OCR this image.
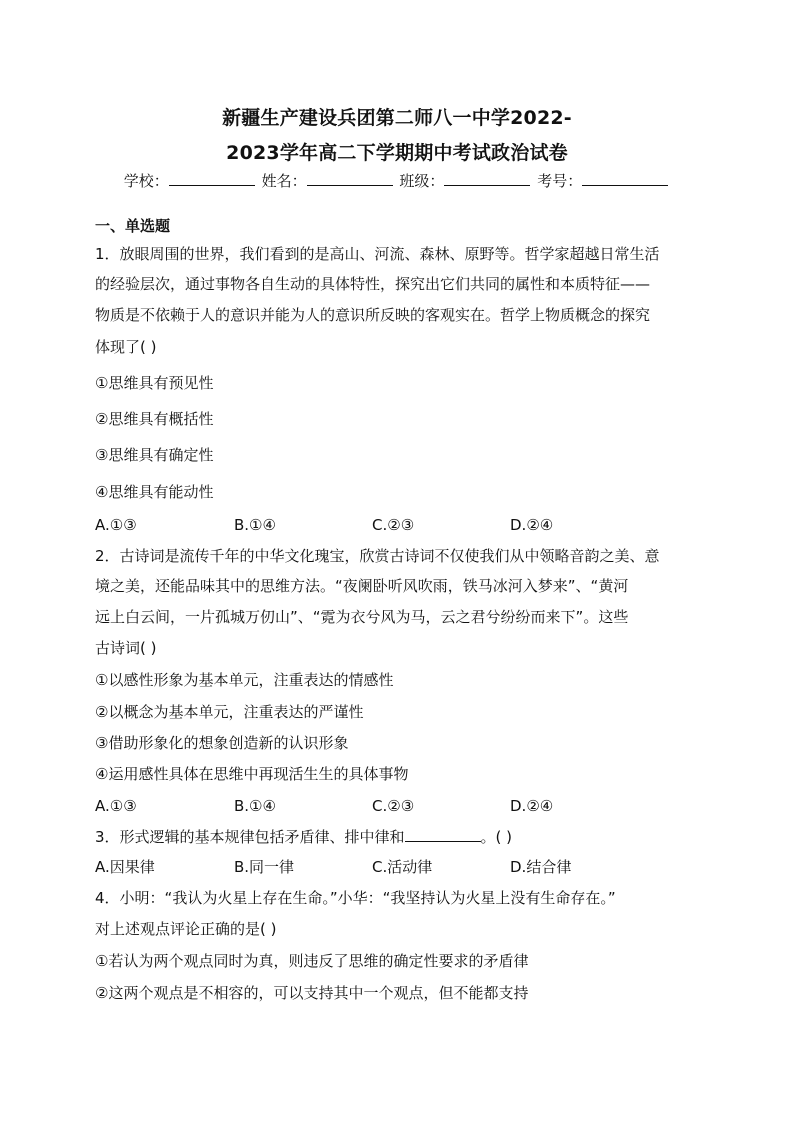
新疆生产建设兵团第二师八一中学2022-
2023学年高二下学期期中考试政治试卷
学校：	姓名：	班级：	考号：
一、单选题
1．放眼周围的世界，我们看到的是高山、河流、森林、原野等。哲学家超越日常生活
的经验层次，通过事物各自生动的具体特性，探究出它们共同的属性和本质特征——
物质是不依赖于人的意识并能为人的意识所反映的客观实在。哲学上物质概念的探究
体现了( )
①思维具有预见性
②思维具有概括性
③思维具有确定性
④思维具有能动性
A.①③	B.①④	C.②③	D.②④
2．古诗词是流传千年的中华文化瑰宝，欣赏古诗词不仅使我们从中领略音韵之美、意
境之美，还能品味其中的思维方法。“夜阑卧听风吹雨，铁马冰河入梦来”、“黄河
远上白云间，一片孤城万仞山”、“霓为衣兮风为马，云之君兮纷纷而来下”。这些
古诗词( )
①以感性形象为基本单元，注重表达的情感性
②以概念为基本单元，注重表达的严谨性
③借助形象化的想象创造新的认识形象
④运用感性具体在思维中再现活生生的具体事物
A.①③	B.①④	C.②③	D.②④
3．形式逻辑的基本规律包括矛盾律、排中律和	。( )
A.因果律	B.同一律	C.活动律	D.结合律
4．小明：“我认为火星上存在生命。”小华：“我坚持认为火星上没有生命存在。”
对上述观点评论正确的是( )
①若认为两个观点同时为真，则违反了思维的确定性要求的矛盾律
②这两个观点是不相容的，可以支持其中一个观点，但不能都支持
